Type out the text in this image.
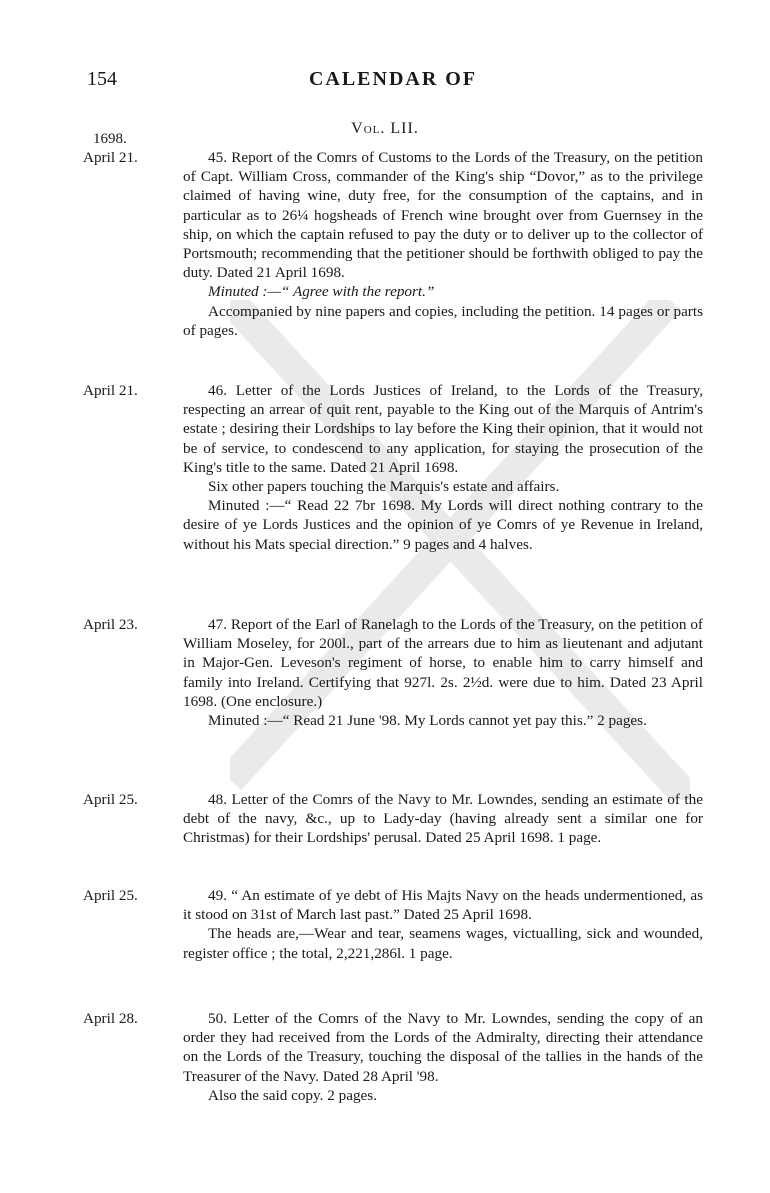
154	CALENDAR OF
Vol. LII.
1698.
April 21.	45. Report of the Comrs of Customs to the Lords of the Treasury, on the petition of Capt. William Cross, commander of the King's ship “Dovor,” as to the privilege claimed of having wine, duty free, for the consumption of the captains, and in particular as to 26¼ hogsheads of French wine brought over from Guernsey in the ship, on which the captain refused to pay the duty or to deliver up to the collector of Portsmouth; recommending that the petitioner should be forthwith obliged to pay the duty. Dated 21 April 1698.

Minuted :—“ Agree with the report.”

Accompanied by nine papers and copies, including the petition. 14 pages or parts of pages.

April 21.	46. Letter of the Lords Justices of Ireland, to the Lords of the Treasury, respecting an arrear of quit rent, payable to the King out of the Marquis of Antrim's estate ; desiring their Lordships to lay before the King their opinion, that it would not be of service, to condescend to any application, for staying the prosecution of the King's title to the same. Dated 21 April 1698.

Six other papers touching the Marquis's estate and affairs.

Minuted :—“ Read 22 7br 1698. My Lords will direct nothing contrary to the desire of ye Lords Justices and the opinion of ye Comrs of ye Revenue in Ireland, without his Mats special direction.” 9 pages and 4 halves.

April 23.	47. Report of the Earl of Ranelagh to the Lords of the Treasury, on the petition of William Moseley, for 200l., part of the arrears due to him as lieutenant and adjutant in Major-Gen. Leveson's regiment of horse, to enable him to carry himself and family into Ireland. Certifying that 927l. 2s. 2½d. were due to him. Dated 23 April 1698. (One enclosure.)

Minuted :—“ Read 21 June '98. My Lords cannot yet pay this.” 2 pages.

April 25.	48. Letter of the Comrs of the Navy to Mr. Lowndes, sending an estimate of the debt of the navy, &c., up to Lady-day (having already sent a similar one for Christmas) for their Lordships' perusal. Dated 25 April 1698. 1 page.

April 25.	49. “ An estimate of ye debt of His Majts Navy on the heads undermentioned, as it stood on 31st of March last past.” Dated 25 April 1698.

The heads are,—Wear and tear, seamens wages, victualling, sick and wounded, register office ; the total, 2,221,286l. 1 page.

April 28.	50. Letter of the Comrs of the Navy to Mr. Lowndes, sending the copy of an order they had received from the Lords of the Admiralty, directing their attendance on the Lords of the Treasury, touching the disposal of the tallies in the hands of the Treasurer of the Navy. Dated 28 April '98.

Also the said copy. 2 pages.
